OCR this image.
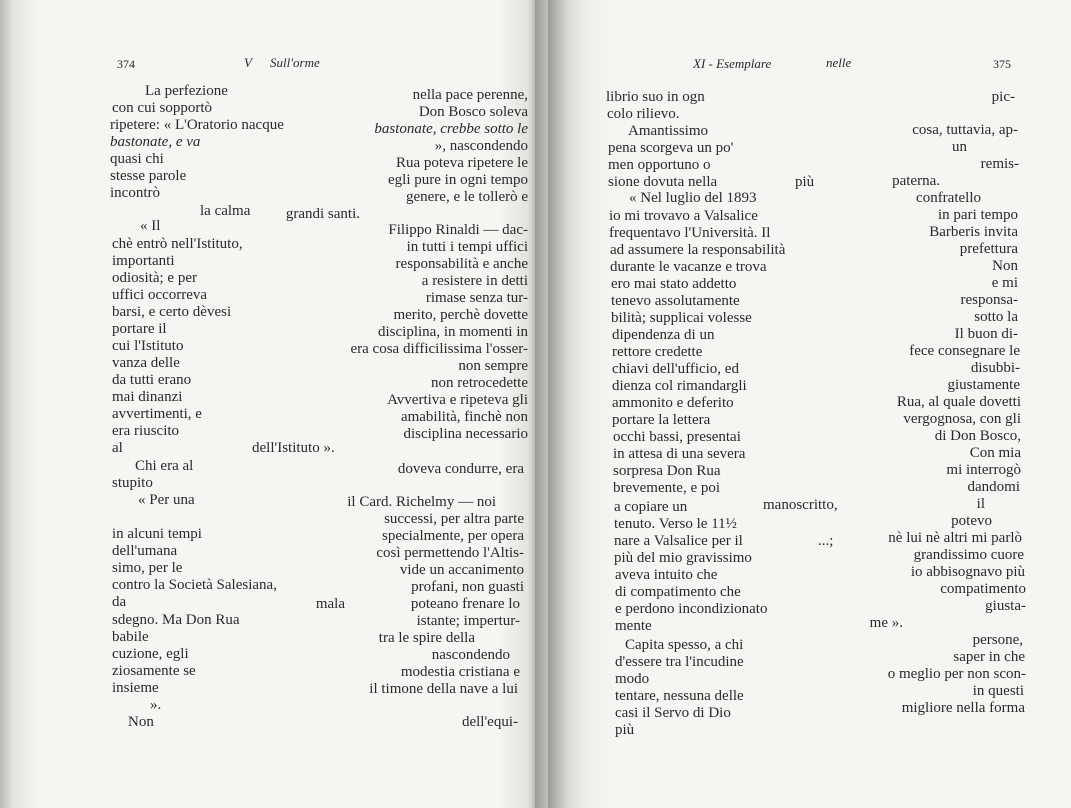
374	V Sull'orme	XI - Esemplare	nelle	375
La perfezione
con cui sopportò
ripetere: « L'Oratorio nacque
bastonate, e va
quasi chi
stesse parole
incontrò
la calma
« Il
chè entrò nell'Istituto,
importanti
odiosità; e per
uffici occorreva
barsi, e certo dèvesi
portare il
cui l'Istituto
vanza delle
da tutti erano
mai dinanzi
avvertimenti, e
era riuscito
al	dell'Istituto ».
Chi era al
stupito
« Per una
in alcuni tempi
dell'umana
simo, per le
contro la Società Salesiana,
da
sdegno. Ma Don Rua
babile
cuzione, egli
ziosamente se
insieme
».
Non
nella pace perenne,
Don Bosco soleva
bastonate, crebbe sotto le
», nascondendo
Rua poteva ripetere le
egli pure in ogni tempo
genere, e le tollerò e
grandi santi.
Filippo Rinaldi — dac-
in tutti i tempi uffici
responsabilità e anche
a resistere in detti
rimase senza tur-
merito, perchè dovette
disciplina, in momenti in
era cosa difficilissima l'osser-
non sempre
non retrocedette
Avvertiva e ripeteva gli
amabilità, finchè non
disciplina necessario
doveva condurre, era
il Card. Richelmy — noi
successi, per altra parte
specialmente, per opera
così permettendo l'Altis-
vide un accanimento
profani, non guasti
mala	poteano frenare lo
istante; impertur-
tra le spire della
nascondendo
modestia cristiana e
il timone della nave a lui
dell'equi-
librio suo in ogn
colo rilievo.
Amantissimo
pena scorgeva un po'
men opportuno o
sione dovuta nella	più
« Nel luglio del 1893
io mi trovavo a Valsalice
frequentavo l'Università. Il
ad assumere la responsabilità
durante le vacanze e trova
ero mai stato addetto
tenevo assolutamente
bilità; supplicai volesse
dipendenza di un
rettore credette
chiavi dell'ufficio, ed
dienza col rimandargli
ammonito e deferito
portare la lettera
occhi bassi, presentai
in attesa di una severa
sorpresa Don Rua
brevemente, e poi
a copiare un	manoscritto,
tenuto. Verso le 11½
nare a Valsalice per il	...;
più del mio gravissimo
aveva intuito che
di compatimento che
e perdono incondizionato
mente
Capita spesso, a chi
d'essere tra l'incudine
modo
tentare, nessuna delle
casi il Servo di Dio
più
pic-
cosa, tuttavia, ap-
un
remis-
paterna.
confratello
in pari tempo
Barberis invita
prefettura
Non
e mi
responsa-
sotto la
Il buon di-
fece consegnare le
disubbi-
giustamente
Rua, al quale dovetti
vergognosa, con gli
di Don Bosco,
Con mia
mi interrogò
dandomi
il
potevo
nè lui nè altri mi parlò
grandissimo cuore
io abbisognavo più
compatimento
giusta-
me ».
persone,
saper in che
o meglio per non scon-
in questi
migliore nella forma
